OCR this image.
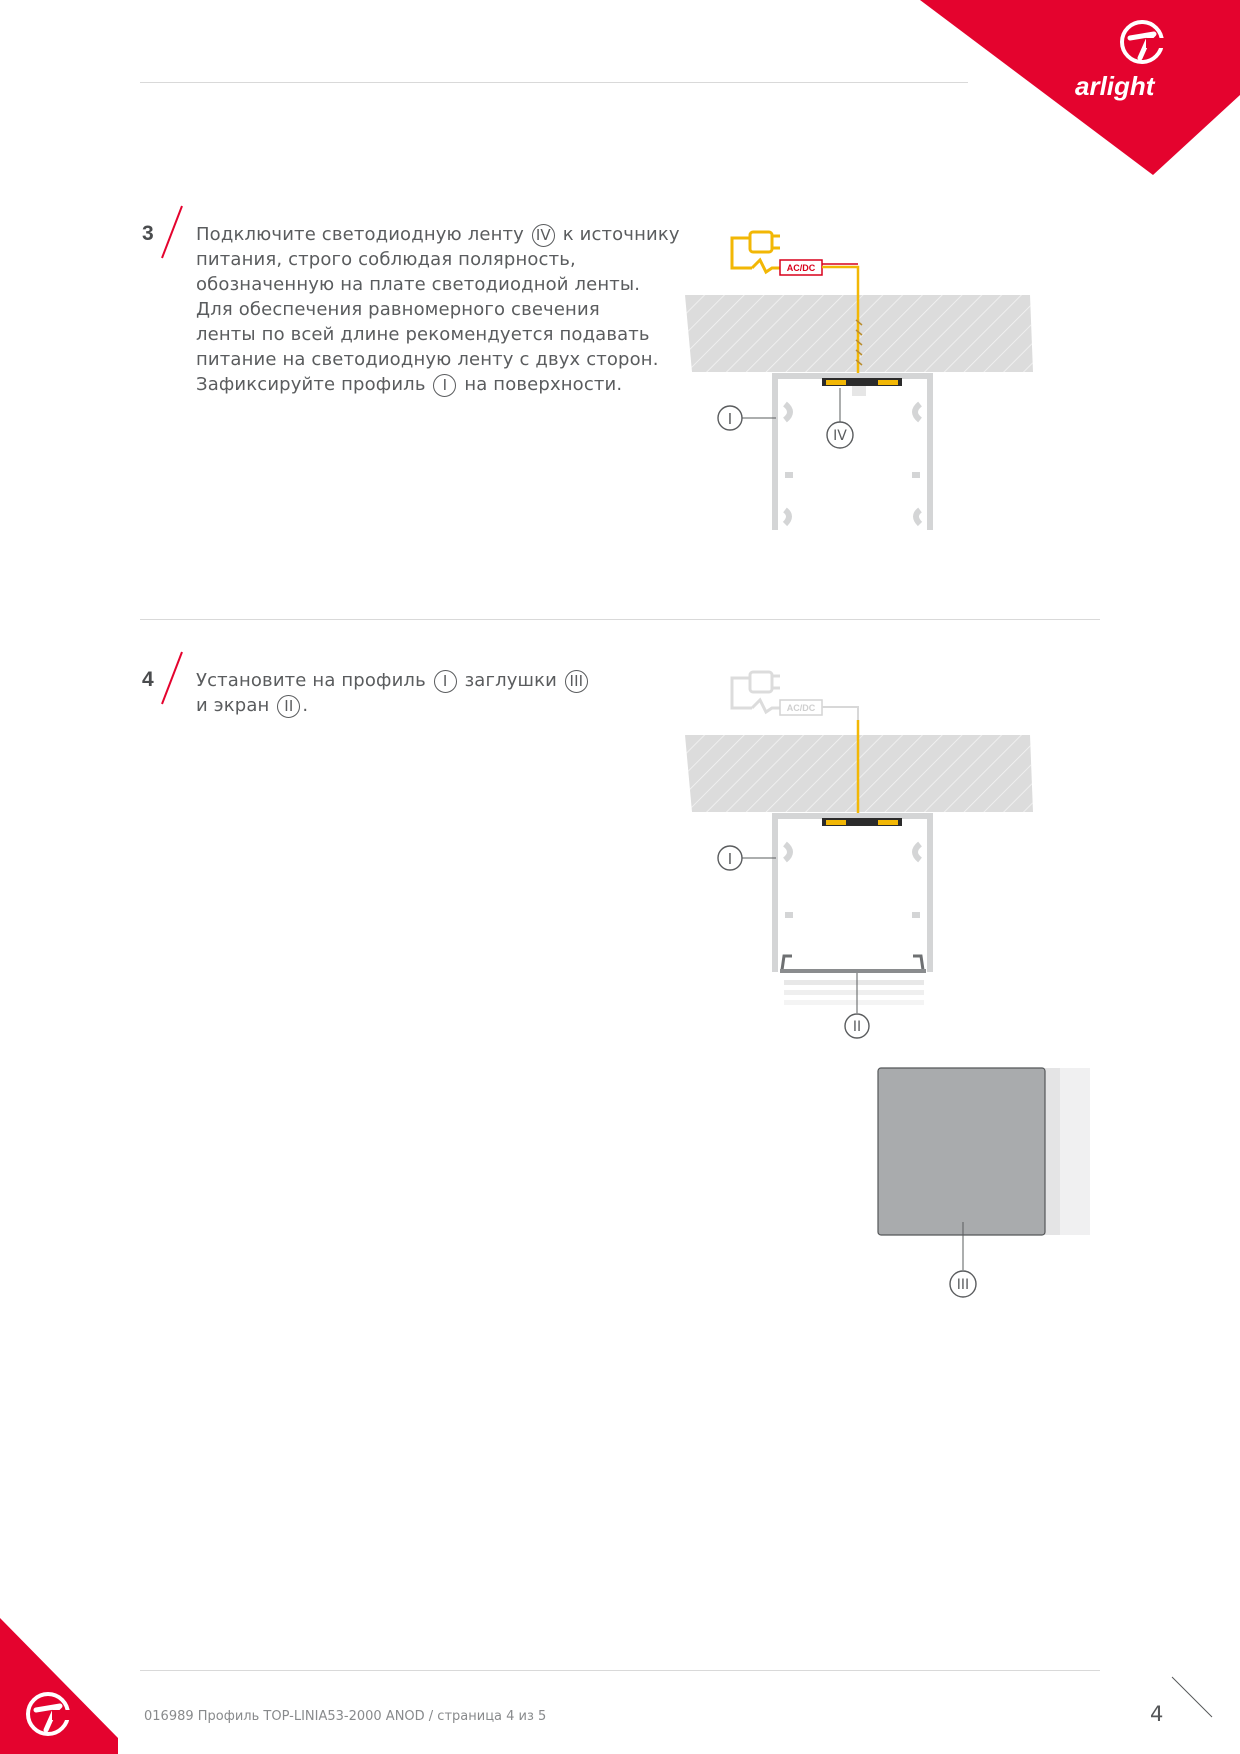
arlight
3 Подключите светодиодную ленту IV к источнику
питания, строго соблюдая полярность,
обозначенную на плате светодиодной ленты.
Для обеспечения равномерного свечения
ленты по всей длине рекомендуется подавать
питание на светодиодную ленту с двух сторон.
Зафиксируйте профиль I на поверхности.
AC/DC
I
IV
4 Установите на профиль I заглушки III
и экран II .	AC/DC
I
II
III
016989 Профиль TOP-LINIA53-2000 ANOD / страница 4 из 5	4
